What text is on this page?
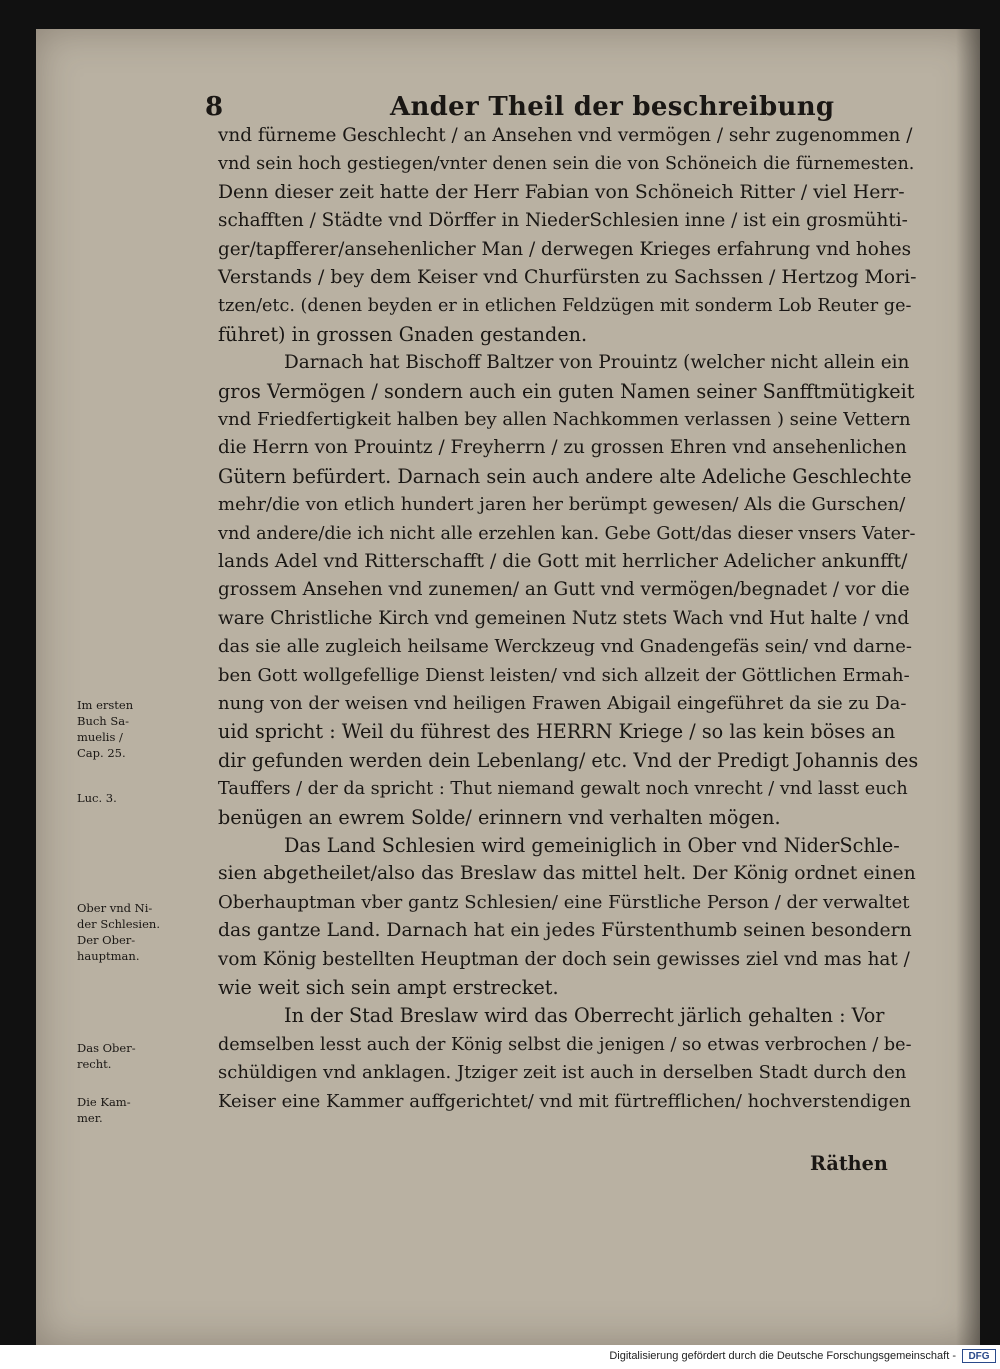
8	Ander Theil der beschreibung
vnd fürneme Geschlecht / an Ansehen vnd vermögen / sehr zugenommen /
vnd sein hoch gestiegen/vnter denen sein die von Schöneich die fürnemesten.
Denn dieser zeit hatte der Herr Fabian von Schöneich Ritter / viel Herr-
schafften / Städte vnd Dörffer in NiederSchlesien inne / ist ein grosmühti-
ger/tapfferer/ansehenlicher Man / derwegen Krieges erfahrung vnd hohes
Verstands / bey dem Keiser vnd Churfürsten zu Sachssen / Hertzog Mori-
tzen/etc. (denen beyden er in etlichen Feldzügen mit sonderm Lob Reuter ge-
führet) in grossen Gnaden gestanden.
Darnach hat Bischoff Baltzer von Prouintz (welcher nicht allein ein
gros Vermögen / sondern auch ein guten Namen seiner Sanfftmütigkeit
vnd Friedfertigkeit halben bey allen Nachkommen verlassen ) seine Vettern
die Herrn von Prouintz / Freyherrn / zu grossen Ehren vnd ansehenlichen
Gütern befürdert. Darnach sein auch andere alte Adeliche Geschlechte
mehr/die von etlich hundert jaren her berümpt gewesen/ Als die Gurschen/
vnd andere/die ich nicht alle erzehlen kan. Gebe Gott/das dieser vnsers Vater-
lands Adel vnd Ritterschafft / die Gott mit herrlicher Adelicher ankunfft/
grossem Ansehen vnd zunemen/ an Gutt vnd vermögen/begnadet / vor die
ware Christliche Kirch vnd gemeinen Nutz stets Wach vnd Hut halte / vnd
das sie alle zugleich heilsame Werckzeug vnd Gnadengefäs sein/ vnd darne-
ben Gott wollgefellige Dienst leisten/ vnd sich allzeit der Göttlichen Ermah-
nung von der weisen vnd heiligen Frawen Abigail eingeführet da sie zu Da-
uid spricht : Weil du führest des HERRN Kriege / so las kein böses an
dir gefunden werden dein Lebenlang/ etc. Vnd der Predigt Johannis des
Tauffers / der da spricht : Thut niemand gewalt noch vnrecht / vnd lasst euch
benügen an ewrem Solde/ erinnern vnd verhalten mögen.
Das Land Schlesien wird gemeiniglich in Ober vnd NiderSchle-
sien abgetheilet/also das Breslaw das mittel helt. Der König ordnet einen
Oberhauptman vber gantz Schlesien/ eine Fürstliche Person / der verwaltet
das gantze Land. Darnach hat ein jedes Fürstenthumb seinen besondern
vom König bestellten Heuptman der doch sein gewisses ziel vnd mas hat /
wie weit sich sein ampt erstrecket.
In der Stad Breslaw wird das Oberrecht järlich gehalten : Vor
demselben lesst auch der König selbst die jenigen / so etwas verbrochen / be-
schüldigen vnd anklagen. Jtziger zeit ist auch in derselben Stadt durch den
Keiser eine Kammer auffgerichtet/ vnd mit fürtrefflichen/ hochverstendigen
Im ersten
Buch Sa-
muelis /
Cap. 25.
Luc. 3.
Ober vnd Ni-
der Schlesien.
Der Ober-
hauptman.
Das Ober-
recht.
Die Kam-
mer.
Räthen
Digitalisierung gefördert durch die Deutsche Forschungsgemeinschaft -	DFG
